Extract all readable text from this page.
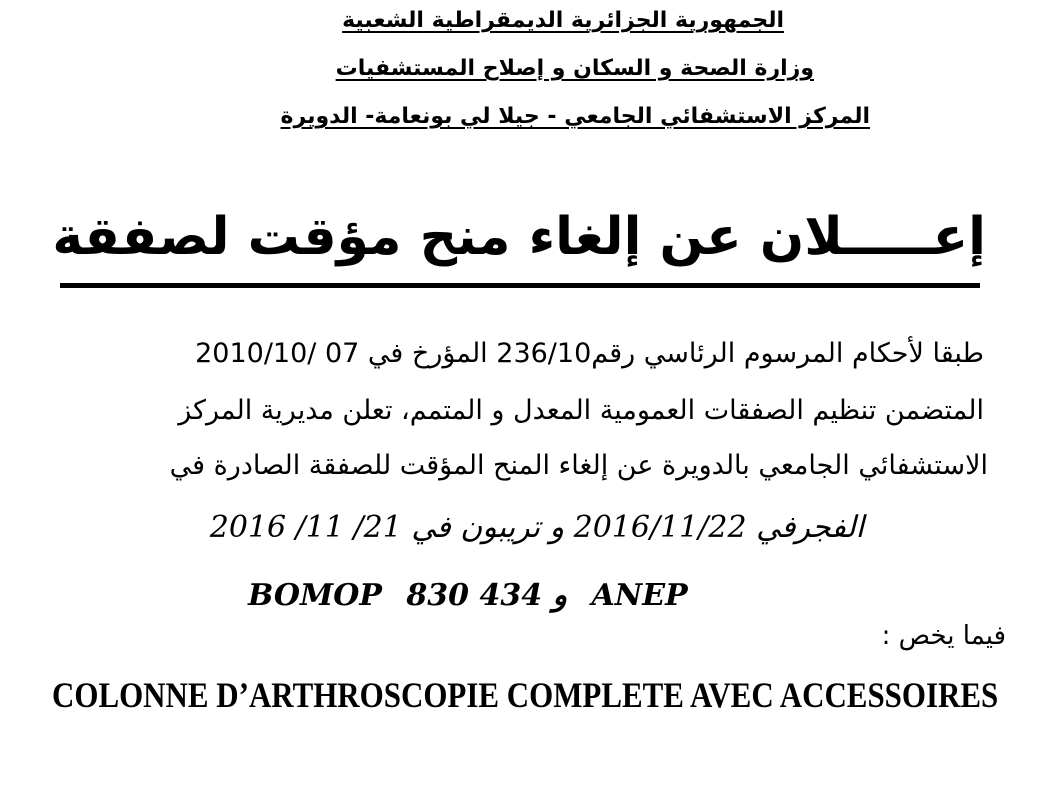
الجمهورية الجزائرية الديمقراطية الشعبية
وزارة الصحة و السكان و إصلاح المستشفيات
المركز الاستشفائي الجامعي - جيلا لي بونعامة- الدويرة
إعـــــلان عن إلغاء منح مؤقت لصفقة
طبقا لأحكام المرسوم الرئاسي رقم236/10 المؤرخ في 07 /2010/10
المتضمن تنظيم الصفقات العمومية المعدل و المتمم، تعلن مديرية المركز
الاستشفائي الجامعي بالدويرة عن إلغاء المنح المؤقت للصفقة الصادرة في
الفجرفي 2016/11/22 و تريبون في 21/ 11/ 2016
BOMOP	و 434 830 ANEP
فيما يخص :
COLONNE D’ARTHROSCOPIE COMPLETE AVEC ACCESSOIRES
